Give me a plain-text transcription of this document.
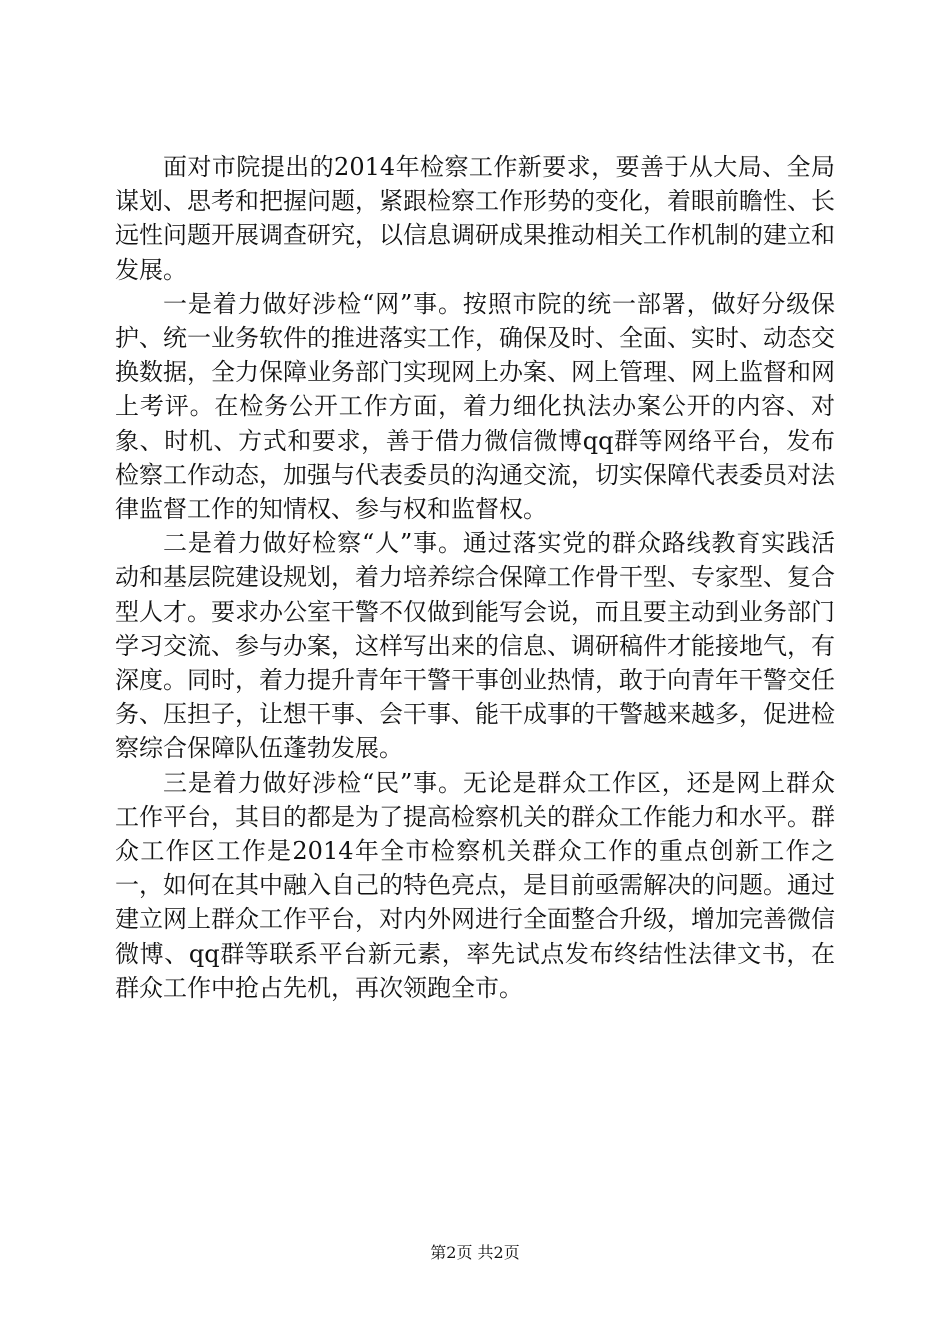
面对市院提出的2014年检察工作新要求，要善于从大局、全局谋划、思考和把握问题，紧跟检察工作形势的变化，着眼前瞻性、长远性问题开展调查研究，以信息调研成果推动相关工作机制的建立和发展。

一是着力做好涉检“网”事。按照市院的统一部署，做好分级保护、统一业务软件的推进落实工作，确保及时、全面、实时、动态交换数据，全力保障业务部门实现网上办案、网上管理、网上监督和网上考评。在检务公开工作方面，着力细化执法办案公开的内容、对象、时机、方式和要求，善于借力微信微博qq群等网络平台，发布检察工作动态，加强与代表委员的沟通交流，切实保障代表委员对法律监督工作的知情权、参与权和监督权。

二是着力做好检察“人”事。通过落实党的群众路线教育实践活动和基层院建设规划，着力培养综合保障工作骨干型、专家型、复合型人才。要求办公室干警不仅做到能写会说，而且要主动到业务部门学习交流、参与办案，这样写出来的信息、调研稿件才能接地气，有深度。同时，着力提升青年干警干事创业热情，敢于向青年干警交任务、压担子，让想干事、会干事、能干成事的干警越来越多，促进检察综合保障队伍蓬勃发展。

三是着力做好涉检“民”事。无论是群众工作区，还是网上群众工作平台，其目的都是为了提高检察机关的群众工作能力和水平。群众工作区工作是2014年全市检察机关群众工作的重点创新工作之一，如何在其中融入自己的特色亮点，是目前亟需解决的问题。通过建立网上群众工作平台，对内外网进行全面整合升级，增加完善微信微博、qq群等联系平台新元素，率先试点发布终结性法律文书，在群众工作中抢占先机，再次领跑全市。

第2页 共2页
